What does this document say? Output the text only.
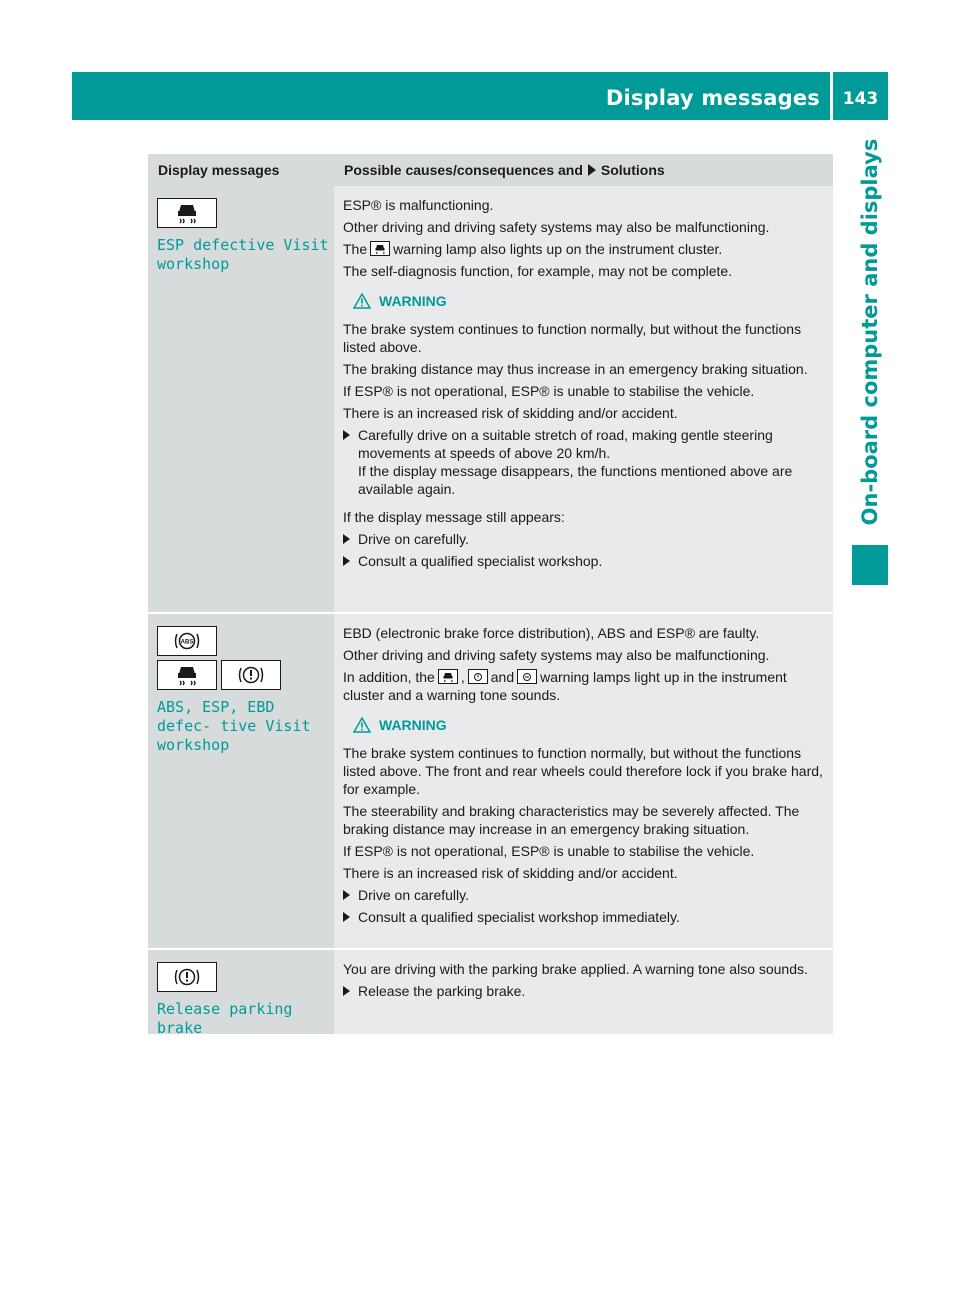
Display messages	143
On-board computer and displays
Display messages	Possible causes/consequences and Solutions
ESP defective Visit workshop

ESP® is malfunctioning.

Other driving and driving safety systems may also be malfunctioning.

The warning lamp also lights up on the instrument cluster.

The self-diagnosis function, for example, may not be complete.

WARNING

The brake system continues to function normally, but without the functions listed above.

The braking distance may thus increase in an emergency braking situation.

If ESP® is not operational, ESP® is unable to stabilise the vehicle.

There is an increased risk of skidding and/or accident.

Carefully drive on a suitable stretch of road, making gentle steering movements at speeds of above 20 km/h.
If the display message disappears, the functions mentioned above are available again.

If the display message still appears:

Drive on carefully.
Consult a qualified specialist workshop.
ABS
ABS, ESP, EBD defec‐ tive Visit workshop

EBD (electronic brake force distribution), ABS and ESP® are faulty.

Other driving and driving safety systems may also be malfunctioning.

In addition, the , and warning lamps light up in the instrument cluster and a warning tone sounds.

WARNING

The brake system continues to function normally, but without the functions listed above. The front and rear wheels could therefore lock if you brake hard, for example.

The steerability and braking characteristics may be severely affected. The braking distance may increase in an emergency braking situation.

If ESP® is not operational, ESP® is unable to stabilise the vehicle.

There is an increased risk of skidding and/or accident.

Drive on carefully.
Consult a qualified specialist workshop immediately.
Release parking brake

You are driving with the parking brake applied. A warning tone also sounds.

Release the parking brake.
